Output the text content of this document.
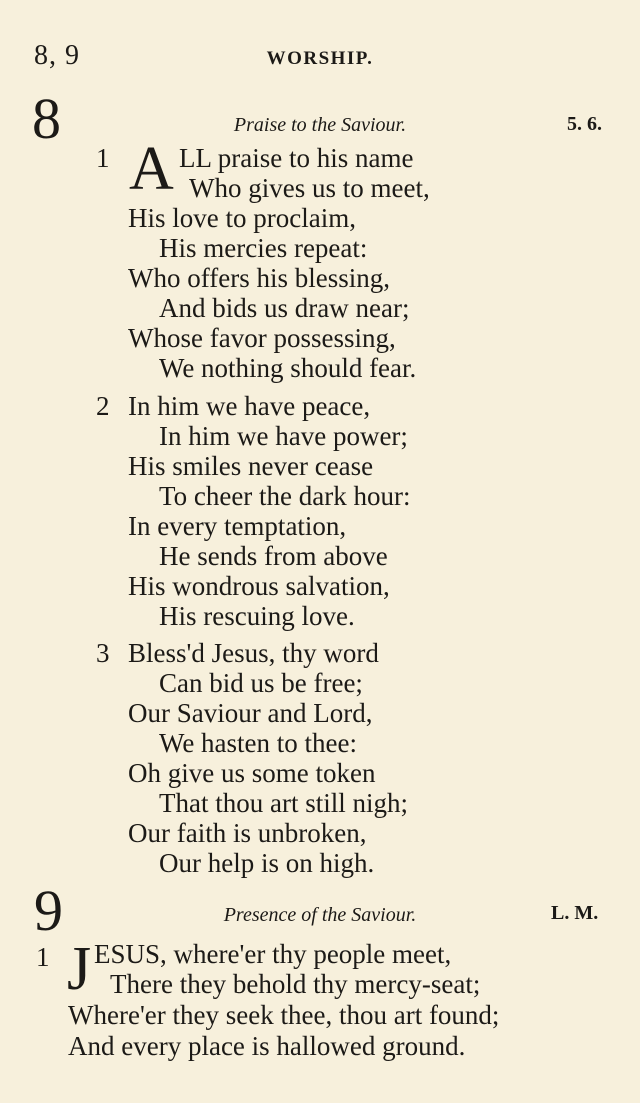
8, 9	WORSHIP.
8	Praise to the Saviour.	5. 6.
1 A LL praise to his name
Who gives us to meet,
His love to proclaim,
His mercies repeat:
Who offers his blessing,
And bids us draw near;
Whose favor possessing,
We nothing should fear.
2 In him we have peace,
In him we have power;
His smiles never cease
To cheer the dark hour:
In every temptation,
He sends from above
His wondrous salvation,
His rescuing love.
3 Bless'd Jesus, thy word
Can bid us be free;
Our Saviour and Lord,
We hasten to thee:
Oh give us some token
That thou art still nigh;
Our faith is unbroken,
Our help is on high.
9	Presence of the Saviour.	L. M.
1 J ESUS, where'er thy people meet,
There they behold thy mercy-seat;
Where'er they seek thee, thou art found;
And every place is hallowed ground.
